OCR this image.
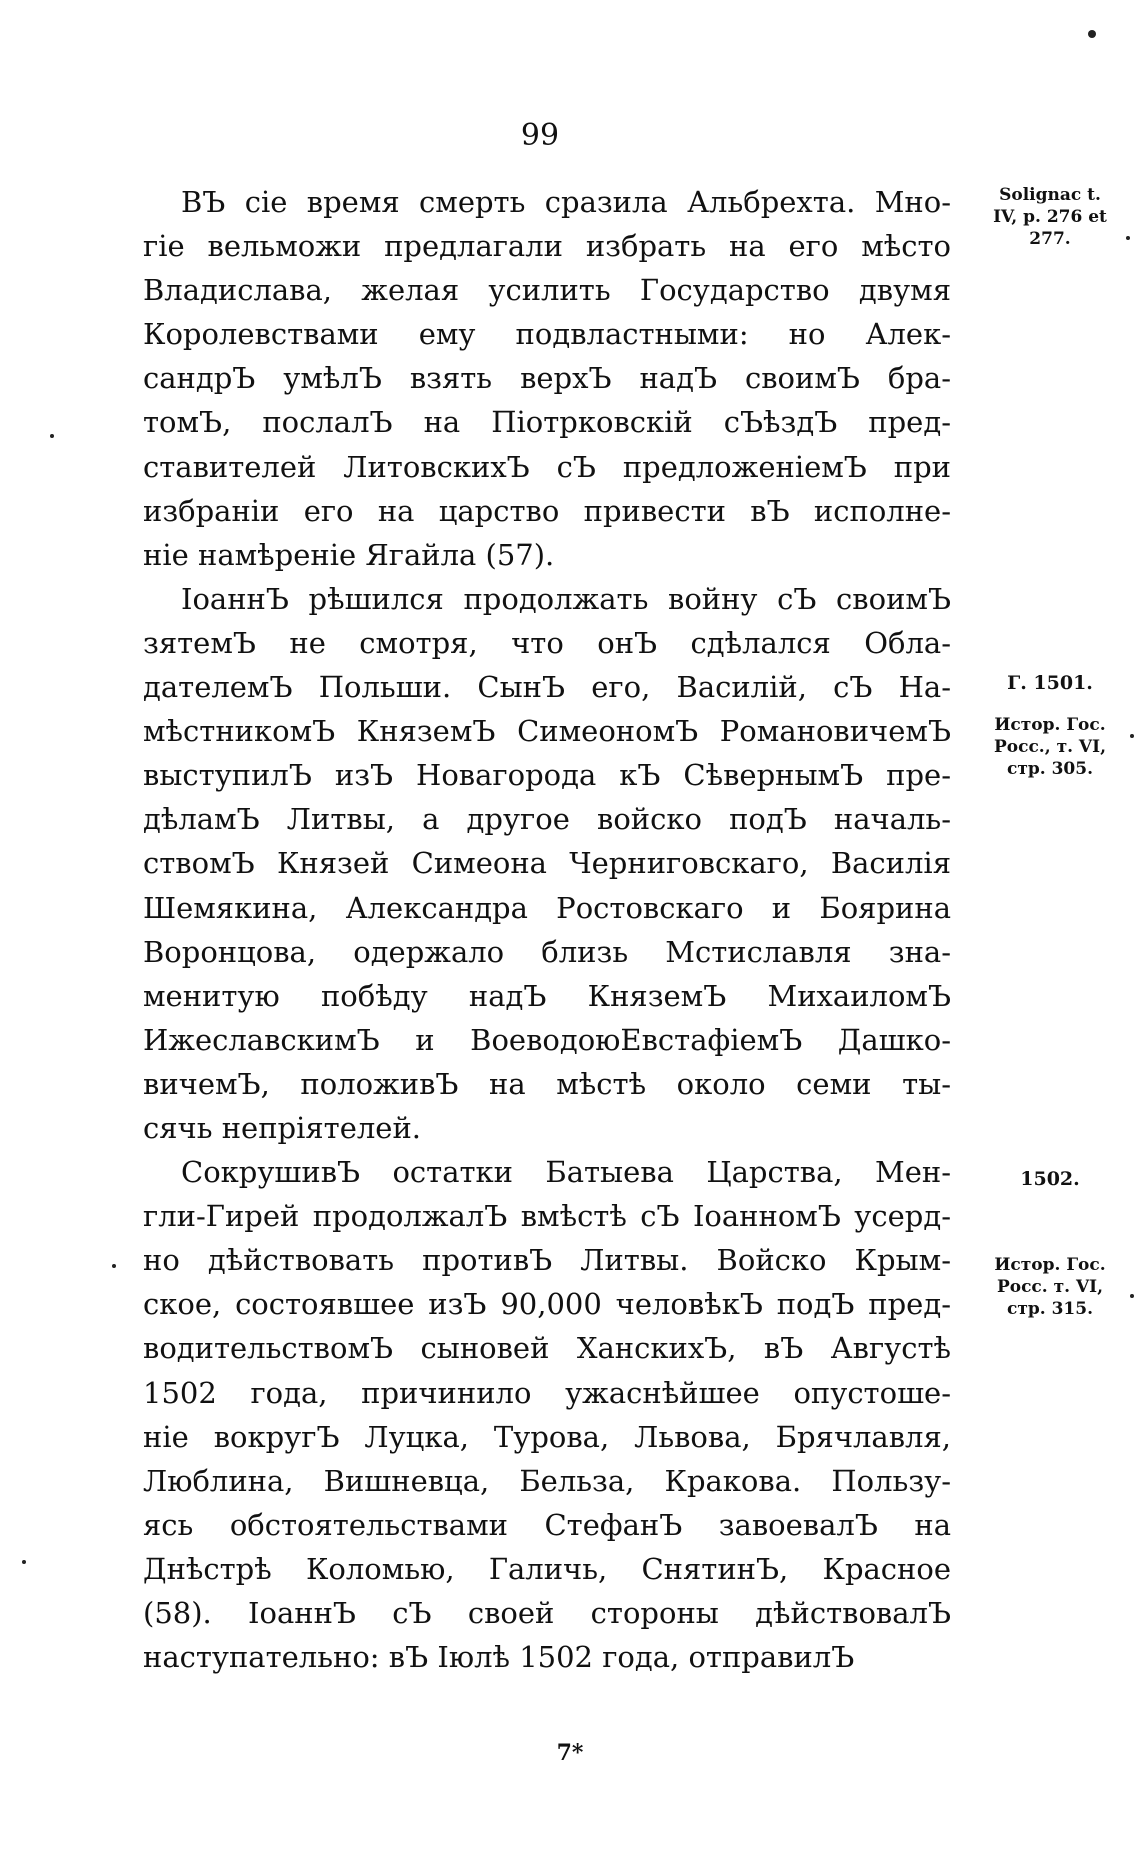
99
ВЪ сіе время смерть сразила Альбрехта. Мно-
гіе вельможи предлагали избрать на его мѣсто
Владислава, желая усилить Государство двумя
Королевствами ему подвластными: но Алек-
сандрЪ умѣлЪ взять верхЪ надЪ своимЪ бра-
томЪ, послалЪ на Піотрковскій сЪѣздЪ пред-
ставителей ЛитовскихЪ сЪ предложеніемЪ при
избраніи его на царство привести вЪ исполне-
ніе намѣреніе Ягайла (57).
ІоаннЪ рѣшился продолжать войну сЪ своимЪ
зятемЪ не смотря, что онЪ сдѣлался Обла-
дателемЪ Польши. СынЪ его, Василій, сЪ На-
мѣстникомЪ КняземЪ СимеономЪ РомановичемЪ
выступилЪ изЪ Новагорода кЪ СѣвернымЪ пре-
дѣламЪ Литвы, а другое войско подЪ началь-
ствомЪ Князей Симеона Черниговскаго, Василія
Шемякина, Александра Ростовскаго и Боярина
Воронцова, одержало близь Мстиславля зна-
менитую побѣду надЪ КняземЪ МихаиломЪ
ИжеславскимЪ и ВоеводоюЕвстафіемЪ Дашко-
вичемЪ, положивЪ на мѣстѣ около семи ты-
сячь непріятелей.
СокрушивЪ остатки Батыева Царства, Мен-
гли-Гирей продолжалЪ вмѣстѣ сЪ ІоанномЪ усерд-
но дѣйствовать противЪ Литвы. Войско Крым-
ское, состоявшее изЪ 90,000 человѣкЪ подЪ пред-
водительствомЪ сыновей ХанскихЪ, вЪ Августѣ
1502 года, причинило ужаснѣйшее опустоше-
ніе вокругЪ Луцка, Турова, Львова, Брячлавля,
Люблина, Вишневца, Бельза, Кракова. Пользу-
ясь обстоятельствами СтефанЪ завоевалЪ на
Днѣстрѣ Коломью, Галичь, СнятинЪ, Красное
(58). ІоаннЪ сЪ своей стороны дѣйствовалЪ
наступательно: вЪ Іюлѣ 1502 года, отправилЪ
Solignac t.
IV, p. 276 et
277.
Г. 1501.
Истор. Гос.
Росс., т. VI,
стр. 305.
1502.
Истор. Гос.
Росс. т. VI,
стр. 315.
7*
